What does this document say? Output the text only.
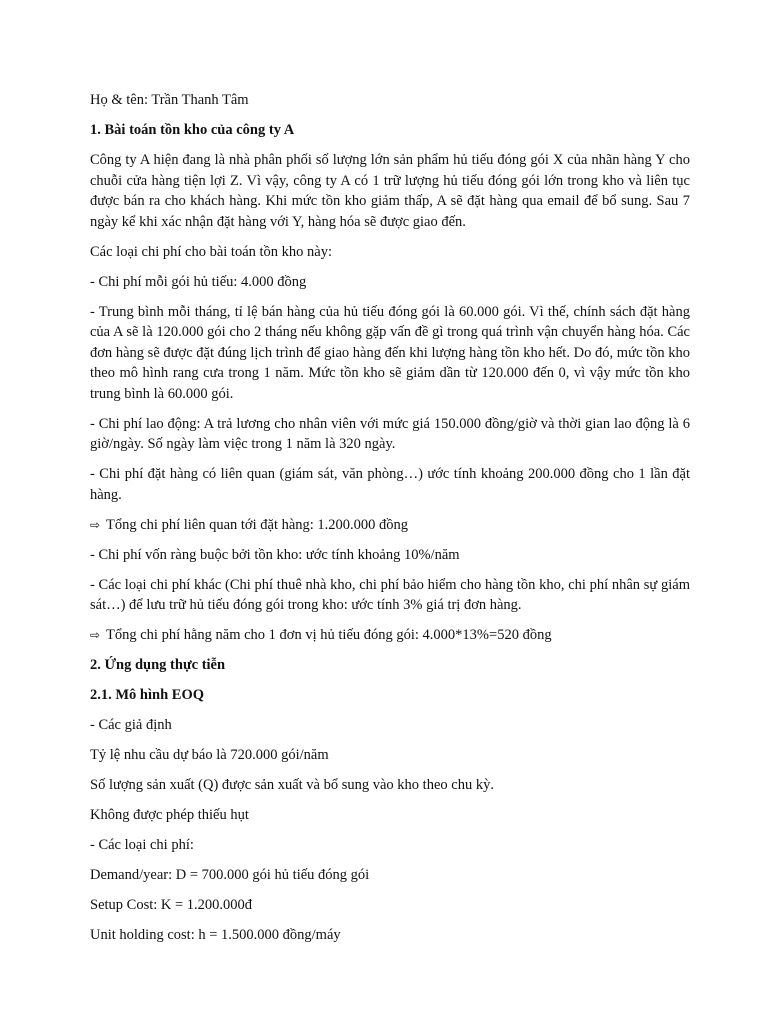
Họ & tên: Trần Thanh Tâm

1. Bài toán tồn kho của công ty A

Công ty A hiện đang là nhà phân phối số lượng lớn sản phẩm hủ tiếu đóng gói X của nhãn hàng Y cho chuỗi cửa hàng tiện lợi Z. Vì vậy, công ty A có 1 trữ lượng hủ tiếu đóng gói lớn trong kho và liên tục được bán ra cho khách hàng. Khi mức tồn kho giảm thấp, A sẽ đặt hàng qua email để bổ sung. Sau 7 ngày kể khi xác nhận đặt hàng với Y, hàng hóa sẽ được giao đến.

Các loại chi phí cho bài toán tồn kho này:

- Chi phí mỗi gói hủ tiếu: 4.000 đồng

- Trung bình mỗi tháng, tỉ lệ bán hàng của hủ tiếu đóng gói là 60.000 gói. Vì thế, chính sách đặt hàng của A sẽ là 120.000 gói cho 2 tháng nếu không gặp vấn đề gì trong quá trình vận chuyển hàng hóa. Các đơn hàng sẽ được đặt đúng lịch trình để giao hàng đến khi lượng hàng tồn kho hết. Do đó, mức tồn kho theo mô hình rang cưa trong 1 năm. Mức tồn kho sẽ giảm dần từ 120.000 đến 0, vì vậy mức tồn kho trung bình là 60.000 gói.

- Chi phí lao động: A trả lương cho nhân viên với mức giá 150.000 đồng/giờ và thời gian lao động là 6 giờ/ngày. Số ngày làm việc trong 1 năm là 320 ngày.

- Chi phí đặt hàng có liên quan (giám sát, văn phòng…) ước tính khoảng 200.000 đồng cho 1 lần đặt hàng.

⇨ Tổng chi phí liên quan tới đặt hàng: 1.200.000 đồng

- Chi phí vốn ràng buộc bởi tồn kho: ước tính khoảng 10%/năm

- Các loại chi phí khác (Chi phí thuê nhà kho, chi phí bảo hiểm cho hàng tồn kho, chi phí nhân sự giám sát…) để lưu trữ hủ tiếu đóng gói trong kho: ước tính 3% giá trị đơn hàng.

⇨ Tổng chi phí hằng năm cho 1 đơn vị hủ tiếu đóng gói: 4.000*13%=520 đồng

2. Ứng dụng thực tiễn

2.1. Mô hình EOQ

- Các giả định

Tỷ lệ nhu cầu dự báo là 720.000 gói/năm

Số lượng sản xuất (Q) được sản xuất và bổ sung vào kho theo chu kỳ.

Không được phép thiếu hụt

- Các loại chi phí:

Demand/year: D = 700.000 gói hủ tiếu đóng gói

Setup Cost: K = 1.200.000đ

Unit holding cost: h = 1.500.000 đồng/máy
